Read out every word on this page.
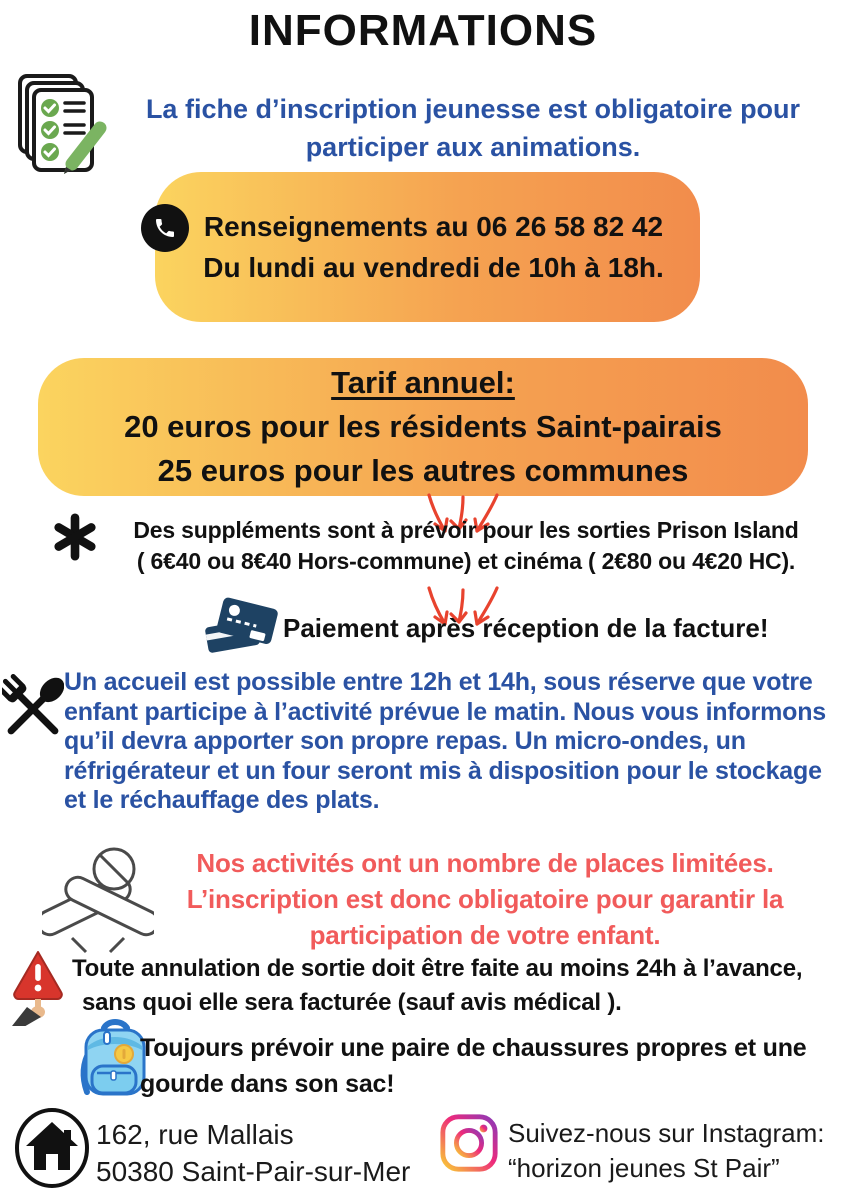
INFORMATIONS
La fiche d’inscription jeunesse est obligatoire pour
participer aux animations.
Renseignements au 06 26 58 82 42
Du lundi au vendredi de 10h à 18h.
Tarif annuel:
20 euros pour les résidents Saint-pairais
25 euros pour les autres communes
Des suppléments sont à prévoir pour les sorties Prison Island
( 6€40 ou 8€40 Hors-commune) et cinéma ( 2€80 ou 4€20 HC).
Paiement après réception de la facture!
Un accueil est possible entre 12h et 14h, sous réserve que votre enfant participe à l’activité prévue le matin. Nous vous informons qu’il devra apporter son propre repas. Un micro-ondes, un réfrigérateur et un four seront mis à disposition pour le stockage et le réchauffage des plats.
Nos activités ont un nombre de places limitées.
L’inscription est donc obligatoire pour garantir la
participation de votre enfant.
Toute annulation de sortie doit être faite au moins 24h à l’avance,
sans quoi elle sera facturée (sauf avis médical ).
Toujours prévoir une paire de chaussures propres et une gourde dans son sac!
162, rue Mallais
50380 Saint-Pair-sur-Mer
Suivez-nous sur Instagram:
“horizon jeunes St Pair”
